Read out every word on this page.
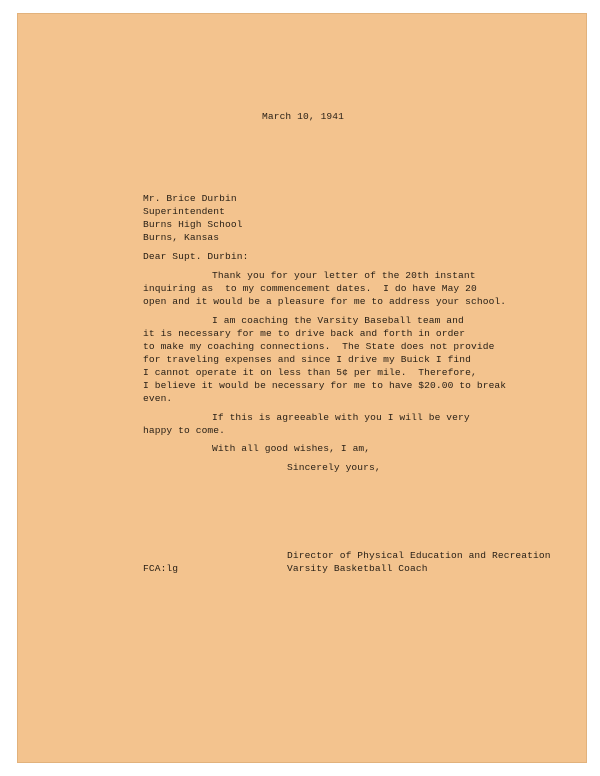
March 10, 1941
Mr. Brice Durbin
Superintendent
Burns High School
Burns, Kansas
Dear Supt. Durbin:
Thank you for your letter of the 20th instant
inquiring as  to my commencement dates.  I do have May 20
open and it would be a pleasure for me to address your school.
I am coaching the Varsity Baseball team and
it is necessary for me to drive back and forth in order
to make my coaching connections.  The State does not provide
for traveling expenses and since I drive my Buick I find
I cannot operate it on less than 5¢ per mile.  Therefore,
I believe it would be necessary for me to have $20.00 to break
even.
If this is agreeable with you I will be very
happy to come.
With all good wishes, I am,
Sincerely yours,
Director of Physical Education and Recreation
FCA:lg	Varsity Basketball Coach
